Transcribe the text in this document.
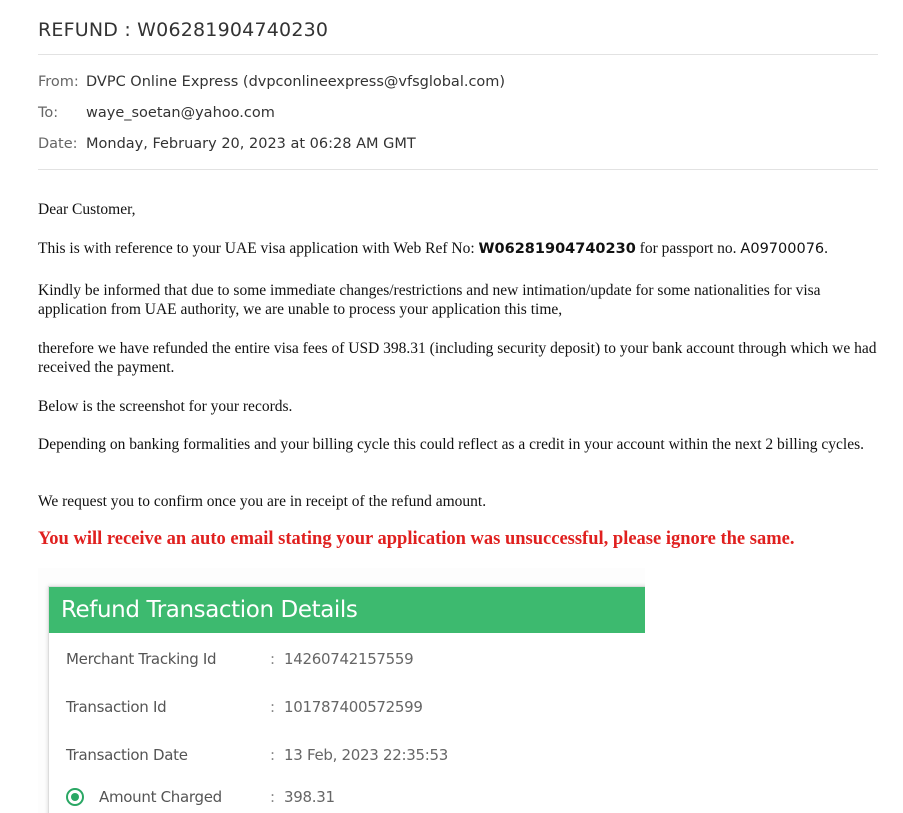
REFUND : W06281904740230
From: DVPC Online Express (dvpconlineexpress@vfsglobal.com)
To: waye_soetan@yahoo.com
Date: Monday, February 20, 2023 at 06:28 AM GMT
Dear Customer,
This is with reference to your UAE visa application with Web Ref No: W06281904740230 for passport no. A09700076.
Kindly be informed that due to some immediate changes/restrictions and new intimation/update for some nationalities for visa application from UAE authority, we are unable to process your application this time,
therefore we have refunded the entire visa fees of USD 398.31 (including security deposit) to your bank account through which we had received the payment.
Below is the screenshot for your records.
Depending on banking formalities and your billing cycle this could reflect as a credit in your account within the next 2 billing cycles.
We request you to confirm once you are in receipt of the refund amount.
You will receive an auto email stating your application was unsuccessful, please ignore the same.
Refund Transaction Details
Merchant Tracking Id	: 14260742157559
Transaction Id	: 101787400572599
Transaction Date	: 13 Feb, 2023 22:35:53
Amount Charged	: 398.31
